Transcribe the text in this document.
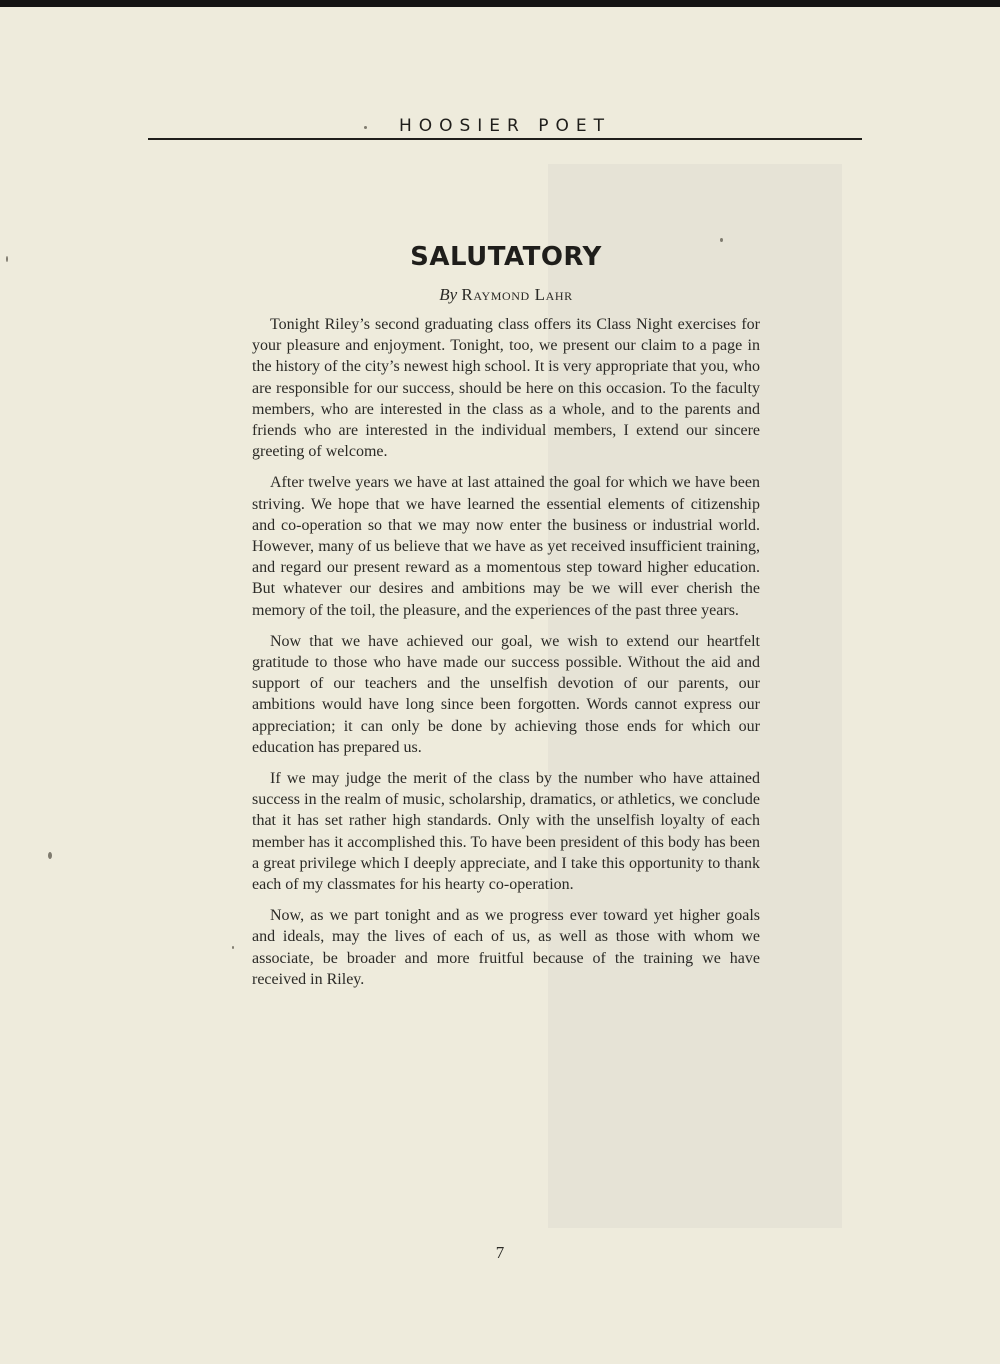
HOOSIER POET
SALUTATORY
By Raymond Lahr

Tonight Riley’s second graduating class offers its Class Night exercises for your pleasure and enjoyment. Tonight, too, we present our claim to a page in the history of the city’s newest high school. It is very appropriate that you, who are responsible for our success, should be here on this occasion. To the faculty members, who are interested in the class as a whole, and to the parents and friends who are interested in the individual members, I extend our sincere greeting of welcome.

After twelve years we have at last attained the goal for which we have been striving. We hope that we have learned the essential elements of citizenship and co-operation so that we may now enter the business or industrial world. However, many of us believe that we have as yet received insufficient training, and regard our present reward as a momentous step toward higher education. But whatever our desires and ambitions may be we will ever cherish the memory of the toil, the pleasure, and the experiences of the past three years.

Now that we have achieved our goal, we wish to extend our heartfelt gratitude to those who have made our success possible. Without the aid and support of our teachers and the unselfish devotion of our parents, our ambitions would have long since been forgotten. Words cannot express our appreciation; it can only be done by achieving those ends for which our education has prepared us.

If we may judge the merit of the class by the number who have attained success in the realm of music, scholarship, dramatics, or athletics, we conclude that it has set rather high standards. Only with the unselfish loyalty of each member has it accomplished this. To have been president of this body has been a great privilege which I deeply appreciate, and I take this opportunity to thank each of my classmates for his hearty co-operation.

Now, as we part tonight and as we progress ever toward yet higher goals and ideals, may the lives of each of us, as well as those with whom we associate, be broader and more fruitful because of the training we have received in Riley.

7
